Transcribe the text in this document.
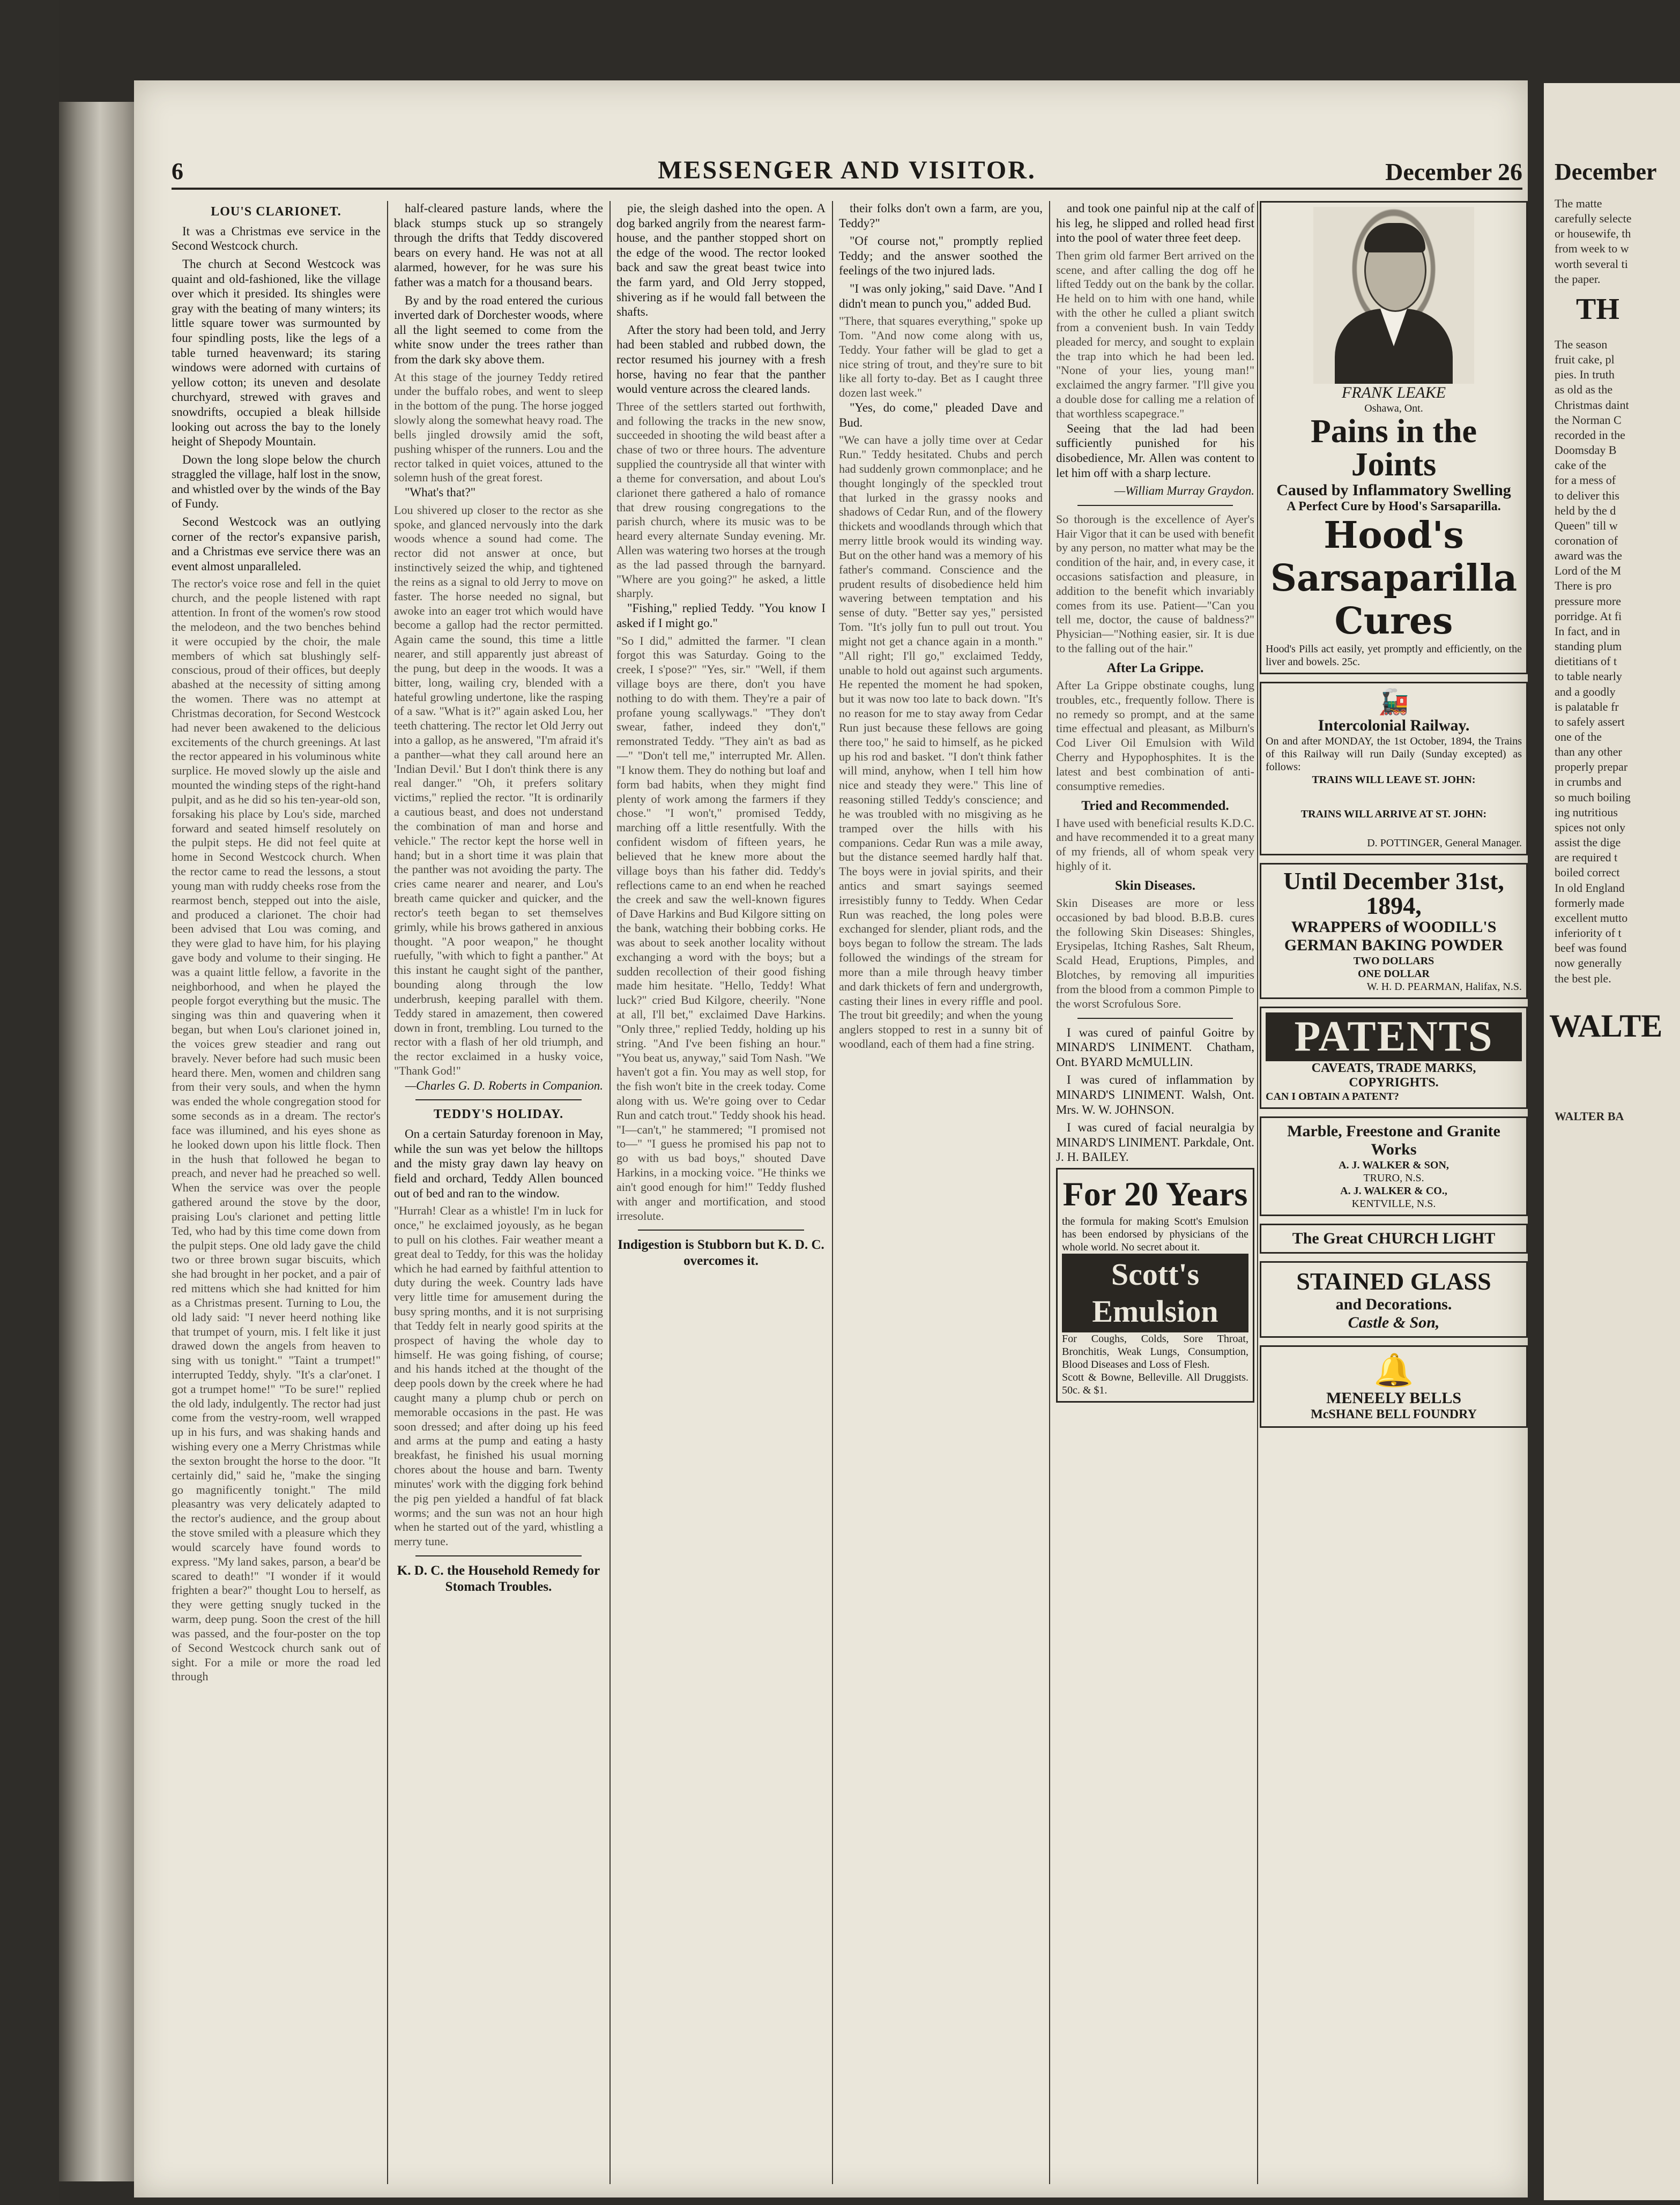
6	MESSENGER AND VISITOR.	December 26
LOU'S CLARIONET.

It was a Christmas eve service in the Second Westcock church.

The church at Second Westcock was quaint and old-fashioned, like the village over which it presided. Its shingles were gray with the beating of many winters; its little square tower was surmounted by four spindling posts, like the legs of a table turned heavenward; its staring windows were adorned with curtains of yellow cotton; its uneven and desolate churchyard, strewed with graves and snowdrifts, occupied a bleak hillside looking out across the bay to the lonely height of Shepody Mountain.

Down the long slope below the church straggled the village, half lost in the snow, and whistled over by the winds of the Bay of Fundy.

Second Westcock was an outlying corner of the rector's expansive parish, and a Christmas eve service there was an event almost unparalleled.

The rector's voice rose and fell in the quiet church, and the people listened with rapt attention. In front of the women's row stood the melodeon, and the two benches behind it were occupied by the choir, the male members of which sat blushingly self-conscious, proud of their offices, but deeply abashed at the necessity of sitting among the women. There was no attempt at Christmas decoration, for Second Westcock had never been awakened to the delicious excitements of the church greenings. At last the rector appeared in his voluminous white surplice. He moved slowly up the aisle and mounted the winding steps of the right-hand pulpit, and as he did so his ten-year-old son, forsaking his place by Lou's side, marched forward and seated himself resolutely on the pulpit steps. He did not feel quite at home in Second Westcock church. When the rector came to read the lessons, a stout young man with ruddy cheeks rose from the rearmost bench, stepped out into the aisle, and produced a clarionet. The choir had been advised that Lou was coming, and they were glad to have him, for his playing gave body and volume to their singing. He was a quaint little fellow, a favorite in the neighborhood, and when he played the people forgot everything but the music. The singing was thin and quavering when it began, but when Lou's clarionet joined in, the voices grew steadier and rang out bravely. Never before had such music been heard there. Men, women and children sang from their very souls, and when the hymn was ended the whole congregation stood for some seconds as in a dream. The rector's face was illumined, and his eyes shone as he looked down upon his little flock. Then in the hush that followed he began to preach, and never had he preached so well. When the service was over the people gathered around the stove by the door, praising Lou's clarionet and petting little Ted, who had by this time come down from the pulpit steps. One old lady gave the child two or three brown sugar biscuits, which she had brought in her pocket, and a pair of red mittens which she had knitted for him as a Christmas present. Turning to Lou, the old lady said: "I never heerd nothing like that trumpet of yourn, mis. I felt like it just drawed down the angels from heaven to sing with us tonight." "Taint a trumpet!" interrupted Teddy, shyly. "It's a clar'onet. I got a trumpet home!" "To be sure!" replied the old lady, indulgently. The rector had just come from the vestry-room, well wrapped up in his furs, and was shaking hands and wishing every one a Merry Christmas while the sexton brought the horse to the door. "It certainly did," said he, "make the singing go magnificently tonight." The mild pleasantry was very delicately adapted to the rector's audience, and the group about the stove smiled with a pleasure which they would scarcely have found words to express. "My land sakes, parson, a bear'd be scared to death!" "I wonder if it would frighten a bear?" thought Lou to herself, as they were getting snugly tucked in the warm, deep pung. Soon the crest of the hill was passed, and the four-poster on the top of Second Westcock church sank out of sight. For a mile or more the road led through

half-cleared pasture lands, where the black stumps stuck up so strangely through the drifts that Teddy discovered bears on every hand. He was not at all alarmed, however, for he was sure his father was a match for a thousand bears.

By and by the road entered the curious inverted dark of Dorchester woods, where all the light seemed to come from the white snow under the trees rather than from the dark sky above them.

At this stage of the journey Teddy retired under the buffalo robes, and went to sleep in the bottom of the pung. The horse jogged slowly along the somewhat heavy road. The bells jingled drowsily amid the soft, pushing whisper of the runners. Lou and the rector talked in quiet voices, attuned to the solemn hush of the great forest.

"What's that?"

Lou shivered up closer to the rector as she spoke, and glanced nervously into the dark woods whence a sound had come. The rector did not answer at once, but instinctively seized the whip, and tightened the reins as a signal to old Jerry to move on faster. The horse needed no signal, but awoke into an eager trot which would have become a gallop had the rector permitted. Again came the sound, this time a little nearer, and still apparently just abreast of the pung, but deep in the woods. It was a bitter, long, wailing cry, blended with a hateful growling undertone, like the rasping of a saw. "What is it?" again asked Lou, her teeth chattering. The rector let Old Jerry out into a gallop, as he answered, "I'm afraid it's a panther—what they call around here an 'Indian Devil.' But I don't think there is any real danger." "Oh, it prefers solitary victims," replied the rector. "It is ordinarily a cautious beast, and does not understand the combination of man and horse and vehicle." The rector kept the horse well in hand; but in a short time it was plain that the panther was not avoiding the party. The cries came nearer and nearer, and Lou's breath came quicker and quicker, and the rector's teeth began to set themselves grimly, while his brows gathered in anxious thought. "A poor weapon," he thought ruefully, "with which to fight a panther." At this instant he caught sight of the panther, bounding along through the low underbrush, keeping parallel with them. Teddy stared in amazement, then cowered down in front, trembling. Lou turned to the rector with a flash of her old triumph, and the rector exclaimed in a husky voice, "Thank God!"
—Charles G. D. Roberts in Companion.
TEDDY'S HOLIDAY.

On a certain Saturday forenoon in May, while the sun was yet below the hilltops and the misty gray dawn lay heavy on field and orchard, Teddy Allen bounced out of bed and ran to the window.

"Hurrah! Clear as a whistle! I'm in luck for once," he exclaimed joyously, as he began to pull on his clothes. Fair weather meant a great deal to Teddy, for this was the holiday which he had earned by faithful attention to duty during the week. Country lads have very little time for amusement during the busy spring months, and it is not surprising that Teddy felt in nearly good spirits at the prospect of having the whole day to himself. He was going fishing, of course; and his hands itched at the thought of the deep pools down by the creek where he had caught many a plump chub or perch on memorable occasions in the past. He was soon dressed; and after doing up his feed and arms at the pump and eating a hasty breakfast, he finished his usual morning chores about the house and barn. Twenty minutes' work with the digging fork behind the pig pen yielded a handful of fat black worms; and the sun was not an hour high when he started out of the yard, whistling a merry tune.
K. D. C. the Household Remedy for Stomach Troubles.

pie, the sleigh dashed into the open. A dog barked angrily from the nearest farm-house, and the panther stopped short on the edge of the wood. The rector looked back and saw the great beast twice into the farm yard, and Old Jerry stopped, shivering as if he would fall between the shafts.

After the story had been told, and Jerry had been stabled and rubbed down, the rector resumed his journey with a fresh horse, having no fear that the panther would venture across the cleared lands.

Three of the settlers started out forthwith, and following the tracks in the new snow, succeeded in shooting the wild beast after a chase of two or three hours. The adventure supplied the countryside all that winter with a theme for conversation, and about Lou's clarionet there gathered a halo of romance that drew rousing congregations to the parish church, where its music was to be heard every alternate Sunday evening. Mr. Allen was watering two horses at the trough as the lad passed through the barnyard. "Where are you going?" he asked, a little sharply.

"Fishing," replied Teddy. "You know I asked if I might go."

"So I did," admitted the farmer. "I clean forgot this was Saturday. Going to the creek, I s'pose?" "Yes, sir." "Well, if them village boys are there, don't you have nothing to do with them. They're a pair of profane young scallywags." "They don't swear, father, indeed they don't," remonstrated Teddy. "They ain't as bad as —" "Don't tell me," interrupted Mr. Allen. "I know them. They do nothing but loaf and form bad habits, when they might find plenty of work among the farmers if they chose." "I won't," promised Teddy, marching off a little resentfully. With the confident wisdom of fifteen years, he believed that he knew more about the village boys than his father did. Teddy's reflections came to an end when he reached the creek and saw the well-known figures of Dave Harkins and Bud Kilgore sitting on the bank, watching their bobbing corks. He was about to seek another locality without exchanging a word with the boys; but a sudden recollection of their good fishing made him hesitate. "Hello, Teddy! What luck?" cried Bud Kilgore, cheerily. "None at all, I'll bet," exclaimed Dave Harkins. "Only three," replied Teddy, holding up his string. "And I've been fishing an hour." "You beat us, anyway," said Tom Nash. "We haven't got a fin. You may as well stop, for the fish won't bite in the creek today. Come along with us. We're going over to Cedar Run and catch trout." Teddy shook his head. "I—can't," he stammered; "I promised not to—" "I guess he promised his pap not to go with us bad boys," shouted Dave Harkins, in a mocking voice. "He thinks we ain't good enough for him!" Teddy flushed with anger and mortification, and stood irresolute.
Indigestion is Stubborn but K. D. C. overcomes it.

their folks don't own a farm, are you, Teddy?"

"Of course not," promptly replied Teddy; and the answer soothed the feelings of the two injured lads.

"I was only joking," said Dave. "And I didn't mean to punch you," added Bud.

"There, that squares everything," spoke up Tom. "And now come along with us, Teddy. Your father will be glad to get a nice string of trout, and they're sure to bit like all forty to-day. Bet as I caught three dozen last week."

"Yes, do come," pleaded Dave and Bud.

"We can have a jolly time over at Cedar Run." Teddy hesitated. Chubs and perch had suddenly grown commonplace; and he thought longingly of the speckled trout that lurked in the grassy nooks and shadows of Cedar Run, and of the flowery thickets and woodlands through which that merry little brook would its winding way. But on the other hand was a memory of his father's command. Conscience and the prudent results of disobedience held him wavering between temptation and his sense of duty. "Better say yes," persisted Tom. "It's jolly fun to pull out trout. You might not get a chance again in a month." "All right; I'll go," exclaimed Teddy, unable to hold out against such arguments. He repented the moment he had spoken, but it was now too late to back down. "It's no reason for me to stay away from Cedar Run just because these fellows are going there too," he said to himself, as he picked up his rod and basket. "I don't think father will mind, anyhow, when I tell him how nice and steady they were." This line of reasoning stilled Teddy's conscience; and he was troubled with no misgiving as he tramped over the hills with his companions. Cedar Run was a mile away, but the distance seemed hardly half that. The boys were in jovial spirits, and their antics and smart sayings seemed irresistibly funny to Teddy. When Cedar Run was reached, the long poles were exchanged for slender, pliant rods, and the boys began to follow the stream. The lads followed the windings of the stream for more than a mile through heavy timber and dark thickets of fern and undergrowth, casting their lines in every riffle and pool. The trout bit greedily; and when the young anglers stopped to rest in a sunny bit of woodland, each of them had a fine string.

and took one painful nip at the calf of his leg, he slipped and rolled head first into the pool of water three feet deep.

Then grim old farmer Bert arrived on the scene, and after calling the dog off he lifted Teddy out on the bank by the collar. He held on to him with one hand, while with the other he culled a pliant switch from a convenient bush. In vain Teddy pleaded for mercy, and sought to explain the trap into which he had been led. "None of your lies, young man!" exclaimed the angry farmer. "I'll give you a double dose for calling me a relation of that worthless scapegrace."

Seeing that the lad had been sufficiently punished for his disobedience, Mr. Allen was content to let him off with a sharp lecture.

—William Murray Graydon.
So thorough is the excellence of Ayer's Hair Vigor that it can be used with benefit by any person, no matter what may be the condition of the hair, and, in every case, it occasions satisfaction and pleasure, in addition to the benefit which invariably comes from its use. Patient—"Can you tell me, doctor, the cause of baldness?" Physician—"Nothing easier, sir. It is due to the falling out of the hair."
After La Grippe.
After La Grippe obstinate coughs, lung troubles, etc., frequently follow. There is no remedy so prompt, and at the same time effectual and pleasant, as Milburn's Cod Liver Oil Emulsion with Wild Cherry and Hypophosphites. It is the latest and best combination of anti-consumptive remedies.
Tried and Recommended.
I have used with beneficial results K.D.C. and have recommended it to a great many of my friends, all of whom speak very highly of it.
Skin Diseases.
Skin Diseases are more or less occasioned by bad blood. B.B.B. cures the following Skin Diseases: Shingles, Erysipelas, Itching Rashes, Salt Rheum, Scald Head, Eruptions, Pimples, and Blotches, by removing all impurities from the blood from a common Pimple to the worst Scrofulous Sore.

I was cured of painful Goitre by MINARD'S LINIMENT. Chatham, Ont. BYARD McMULLIN.

I was cured of inflammation by MINARD'S LINIMENT. Walsh, Ont. Mrs. W. W. JOHNSON.

I was cured of facial neuralgia by MINARD'S LINIMENT. Parkdale, Ont. J. H. BAILEY.

For 20 Years
the formula for making Scott's Emulsion has been endorsed by physicians of the whole world. No secret about it.
Scott's Emulsion
For Coughs, Colds, Sore Throat, Bronchitis, Weak Lungs, Consumption, Blood Diseases and Loss of Flesh.
Scott & Bowne, Belleville. All Druggists. 50c. & $1.
FRANK LEAKE
Oshawa, Ont.
Pains in the Joints
Caused by Inflammatory Swelling
A Perfect Cure by Hood's Sarsaparilla.
Hood's Sarsaparilla Cures
Hood's Pills act easily, yet promptly and efficiently, on the liver and bowels. 25c.
🚂
Intercolonial Railway.
On and after MONDAY, the 1st October, 1894, the Trains of this Railway will run Daily (Sunday excepted) as follows:
TRAINS WILL LEAVE ST. JOHN:
TRAINS WILL ARRIVE AT ST. JOHN:
D. POTTINGER, General Manager.
Until December 31st, 1894,
WRAPPERS of WOODILL'S GERMAN BAKING POWDER
TWO DOLLARS
ONE DOLLAR
W. H. D. PEARMAN, Halifax, N.S.
PATENTS
CAVEATS, TRADE MARKS, COPYRIGHTS.
CAN I OBTAIN A PATENT?
Marble, Freestone and Granite Works
A. J. WALKER & SON,
TRURO, N.S.
A. J. WALKER & CO.,
KENTVILLE, N.S.
The Great CHURCH LIGHT
STAINED GLASS
and Decorations.
Castle & Son,
🔔
MENEELY BELLS
McSHANE BELL FOUNDRY
December
The matte
carefully selecte
or housewife, th
from week to w
worth several ti
the paper.
TH
The season
fruit cake, pl
pies. In truth
as old as the
Christmas daint
the Norman C
recorded in the
Doomsday B
cake of the
for a mess of
to deliver this
held by the d
Queen" till w
coronation of
award was the
Lord of the M
There is pro
pressure more
porridge. At fi
In fact, and in
standing plum
dietitians of t
to table nearly
and a goodly
is palatable fr
to safely assert
one of the
than any other
properly prepar
in crumbs and
so much boiling
ing nutritious
spices not only
assist the dige
are required t
boiled correct
In old England
formerly made
excellent mutto
inferiority of t
beef was found
now generally
the best ple.
WALTE
WALTER BA
